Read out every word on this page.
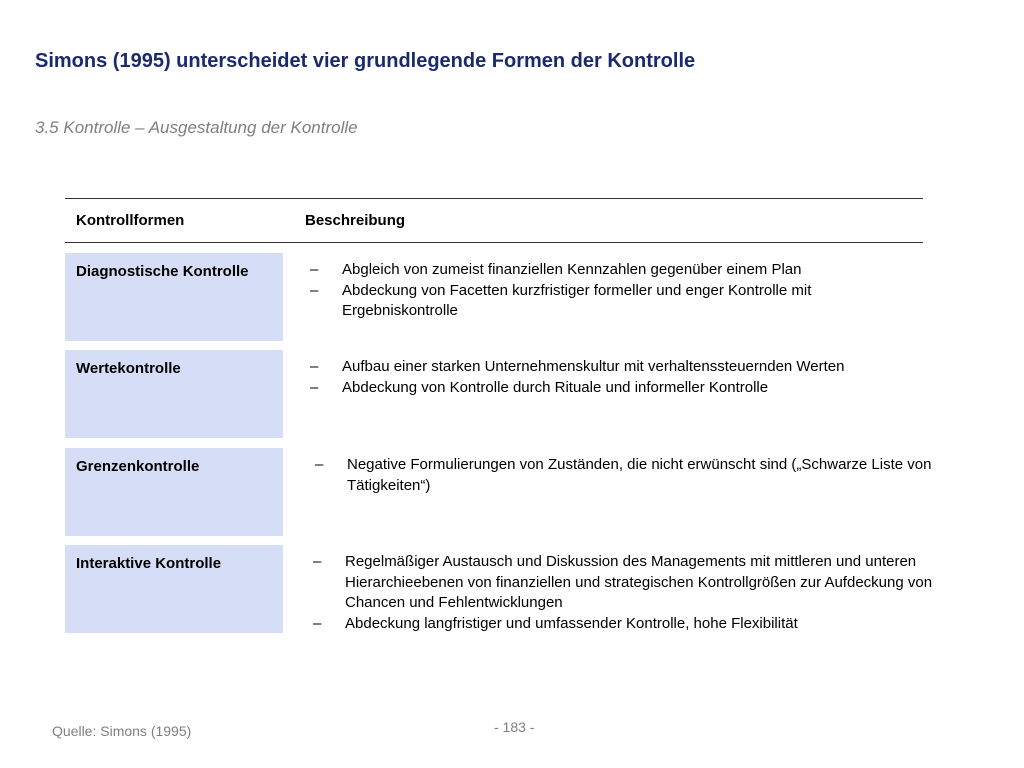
Simons (1995) unterscheidet vier grundlegende Formen der Kontrolle
3.5 Kontrolle – Ausgestaltung der Kontrolle
Kontrollformen	Beschreibung
Diagnostische Kontrolle	– Abgleich von zumeist finanziellen Kennzahlen gegenüber einem Plan
– Abdeckung von Facetten kurzfristiger formeller und enger Kontrolle mit Ergebniskontrolle
Wertekontrolle	– Aufbau einer starken Unternehmenskultur mit verhaltenssteuernden Werten
– Abdeckung von Kontrolle durch Rituale und informeller Kontrolle
Grenzenkontrolle	– Negative Formulierungen von Zuständen, die nicht erwünscht sind („Schwarze Liste von Tätigkeiten“)
Interaktive Kontrolle	– Regelmäßiger Austausch und Diskussion des Managements mit mittleren und unteren Hierarchieebenen von finanziellen und strategischen Kontrollgrößen zur Aufdeckung von Chancen und Fehlentwicklungen
– Abdeckung langfristiger und umfassender Kontrolle, hohe Flexibilität
Quelle: Simons (1995)	- 183 -
